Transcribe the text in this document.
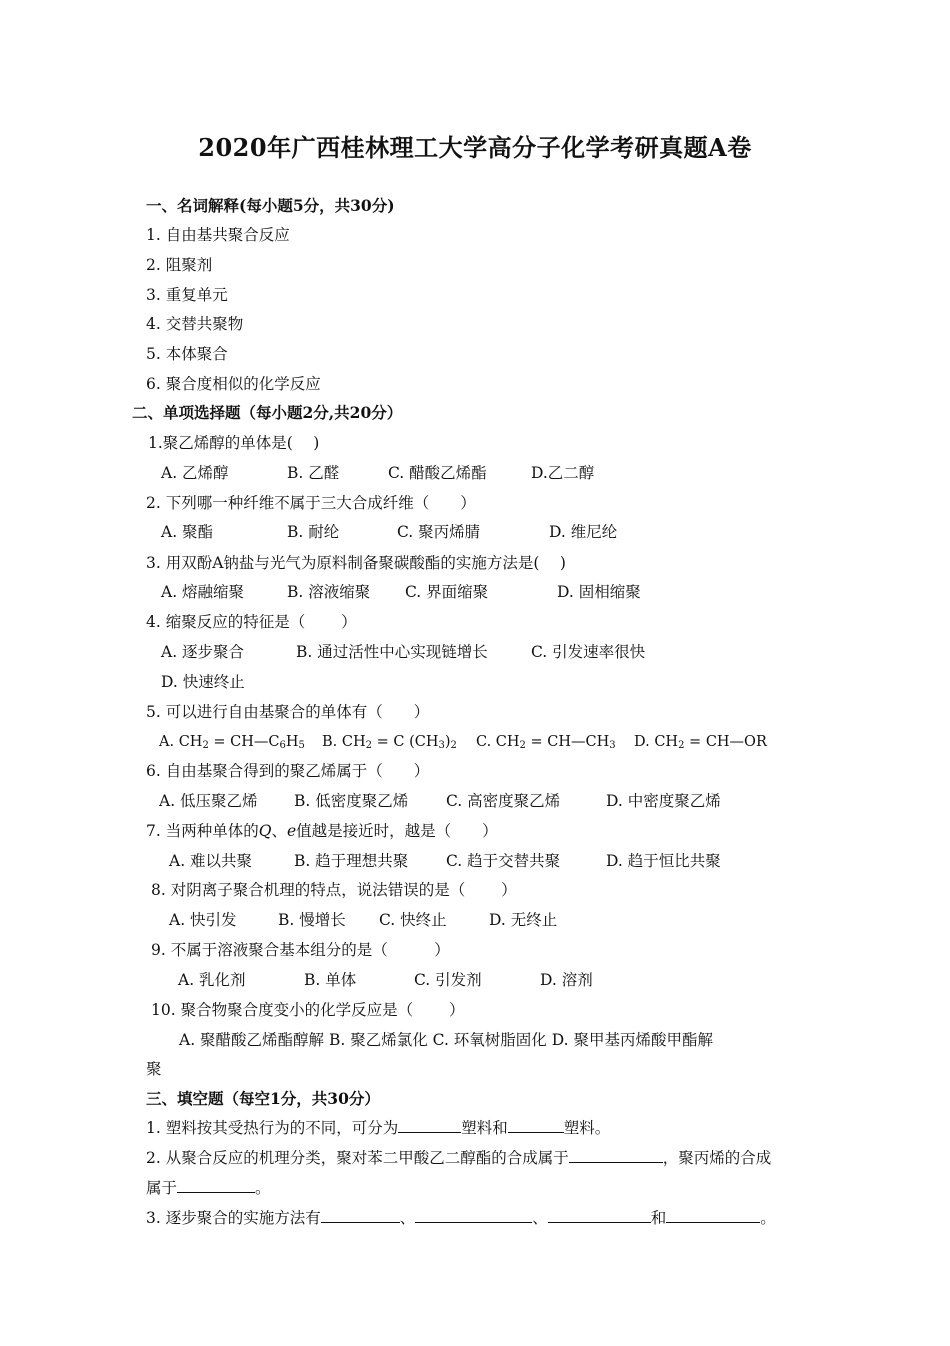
2020年广西桂林理工大学高分子化学考研真题A卷
一、名词解释(每小题5分，共30分)
1. 自由基共聚合反应
2. 阻聚剂
3. 重复单元
4. 交替共聚物
5. 本体聚合
6. 聚合度相似的化学反应
二、单项选择题（每小题2分,共20分）
1.聚乙烯醇的单体是(　 )
A. 乙烯醇	B. 乙醛	C. 醋酸乙烯酯	D.乙二醇
2. 下列哪一种纤维不属于三大合成纤维（　　）
A. 聚酯	B. 耐纶	C. 聚丙烯腈	D. 维尼纶
3. 用双酚A钠盐与光气为原料制备聚碳酸酯的实施方法是(　 )
A. 熔融缩聚	B. 溶液缩聚 C. 界面缩聚	D. 固相缩聚
4. 缩聚反应的特征是（　　 ）
A. 逐步聚合	B. 通过活性中心实现链增长	C. 引发速率很快
D. 快速终止
5. 可以进行自由基聚合的单体有（　　）
A. $CH_2$ = $CH—C_6H_5$ B. $CH_2 = C$ $(CH_3)_2$ C. $CH_2$ = $CH—CH_3$ D. $CH_2$ = CH—OR
6. 自由基聚合得到的聚乙烯属于（　　）
A. 低压聚乙烯 B. 低密度聚乙烯 C. 高密度聚乙烯	D. 中密度聚乙烯
7. 当两种单体的Q、e值越是接近时，越是（　　）
A. 难以共聚	B. 趋于理想共聚 C. 趋于交替共聚	D. 趋于恒比共聚
8. 对阴离子聚合机理的特点，说法错误的是（　　 ）
A. 快引发	B. 慢增长 C. 快终止	D. 无终止
9. 不属于溶液聚合基本组分的是（　　　）
A. 乳化剂	B. 单体	C. 引发剂	D. 溶剂
10. 聚合物聚合度变小的化学反应是（　　 ）
A. 聚醋酸乙烯酯醇解 B. 聚乙烯氯化 C. 环氧树脂固化 D. 聚甲基丙烯酸甲酯解
聚
三、填空题（每空1分，共30分）
1. 塑料按其受热行为的不同，可分为	塑料和	塑料。
2. 从聚合反应的机理分类，聚对苯二甲酸乙二醇酯的合成属于	，聚丙烯的合成
属于	。
3. 逐步聚合的实施方法有	、	、	和	。
